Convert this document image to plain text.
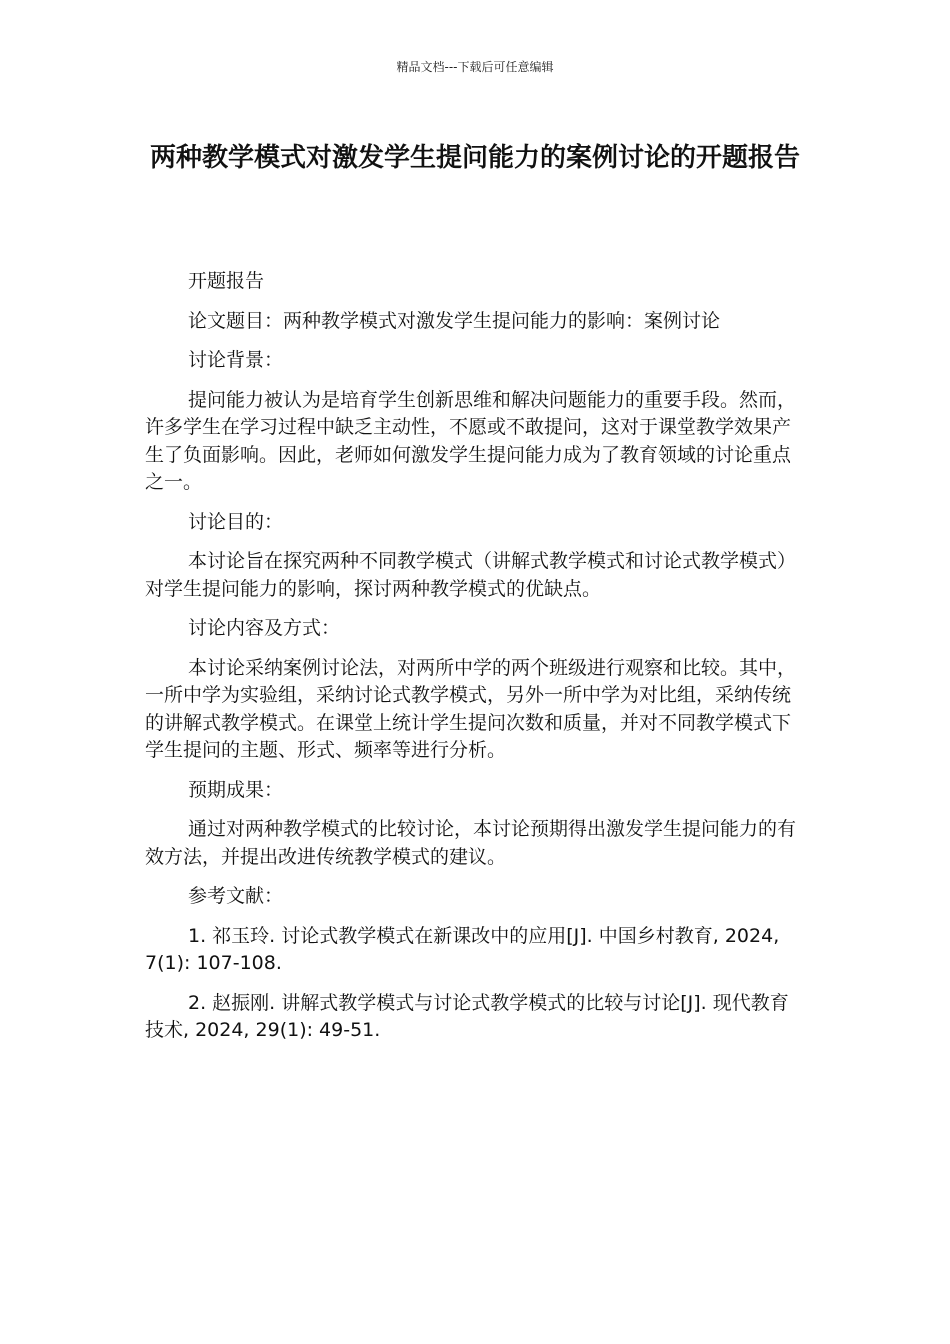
精品文档---下载后可任意编辑
两种教学模式对激发学生提问能力的案例讨论的开题报告

开题报告

论文题目：两种教学模式对激发学生提问能力的影响：案例讨论

讨论背景：

提问能力被认为是培育学生创新思维和解决问题能力的重要手段。然而，许多学生在学习过程中缺乏主动性，不愿或不敢提问，这对于课堂教学效果产生了负面影响。因此，老师如何激发学生提问能力成为了教育领域的讨论重点之一。

讨论目的：

本讨论旨在探究两种不同教学模式（讲解式教学模式和讨论式教学模式）对学生提问能力的影响，探讨两种教学模式的优缺点。

讨论内容及方式：

本讨论采纳案例讨论法，对两所中学的两个班级进行观察和比较。其中，一所中学为实验组，采纳讨论式教学模式，另外一所中学为对比组，采纳传统的讲解式教学模式。在课堂上统计学生提问次数和质量，并对不同教学模式下学生提问的主题、形式、频率等进行分析。

预期成果：

通过对两种教学模式的比较讨论，本讨论预期得出激发学生提问能力的有效方法，并提出改进传统教学模式的建议。

参考文献：

1. 祁玉玲. 讨论式教学模式在新课改中的应用[J]. 中国乡村教育, 2024, 7(1): 107-108.

2. 赵振刚. 讲解式教学模式与讨论式教学模式的比较与讨论[J]. 现代教育技术, 2024, 29(1): 49-51.
